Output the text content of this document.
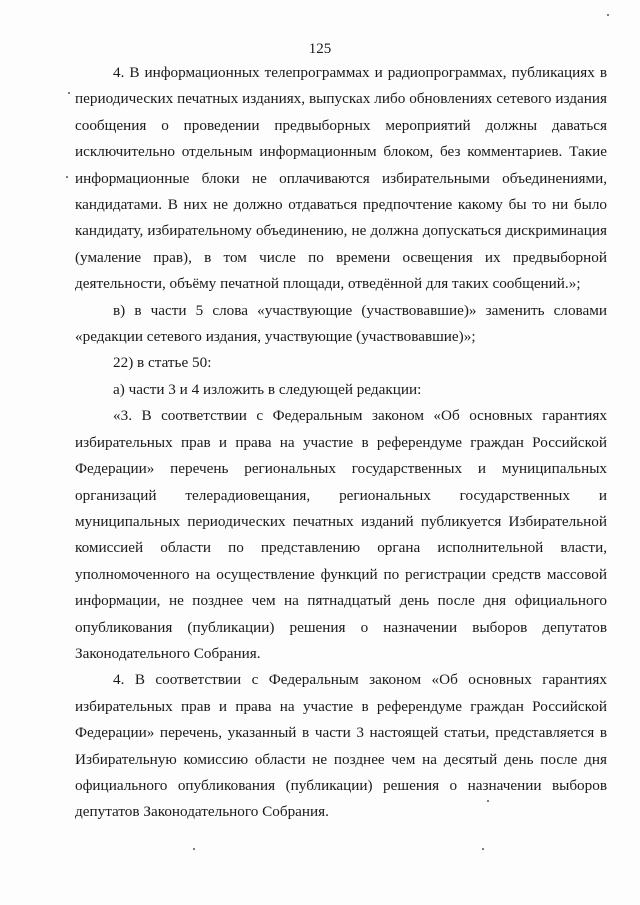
125

4. В информационных телепрограммах и радиопрограммах, публикациях в периодических печатных изданиях, выпусках либо обновлениях сетевого издания сообщения о проведении предвыборных мероприятий должны даваться исключительно отдельным информационным блоком, без комментариев. Такие информационные блоки не оплачиваются избирательными объединениями, кандидатами. В них не должно отдаваться предпочтение какому бы то ни было кандидату, избирательному объединению, не должна допускаться дискриминация (умаление прав), в том числе по времени освещения их предвыборной деятельности, объёму печатной площади, отведённой для таких сообщений.»;

в) в части 5 слова «участвующие (участвовавшие)» заменить словами «редакции сетевого издания, участвующие (участвовавшие)»;

22) в статье 50:

а) части 3 и 4 изложить в следующей редакции:

«3. В соответствии с Федеральным законом «Об основных гарантиях избирательных прав и права на участие в референдуме граждан Российской Федерации» перечень региональных государственных и муниципальных организаций телерадиовещания, региональных государственных и муниципальных периодических печатных изданий публикуется Избирательной комиссией области по представлению органа исполнительной власти, уполномоченного на осуществление функций по регистрации средств массовой информации, не позднее чем на пятнадцатый день после дня официального опубликования (публикации) решения о назначении выборов депутатов Законодательного Собрания.

4. В соответствии с Федеральным законом «Об основных гарантиях избирательных прав и права на участие в референдуме граждан Российской Федерации» перечень, указанный в части 3 настоящей статьи, представляется в Избирательную комиссию области не позднее чем на десятый день после дня официального опубликования (публикации) решения о назначении выборов депутатов Законодательного Собрания.
